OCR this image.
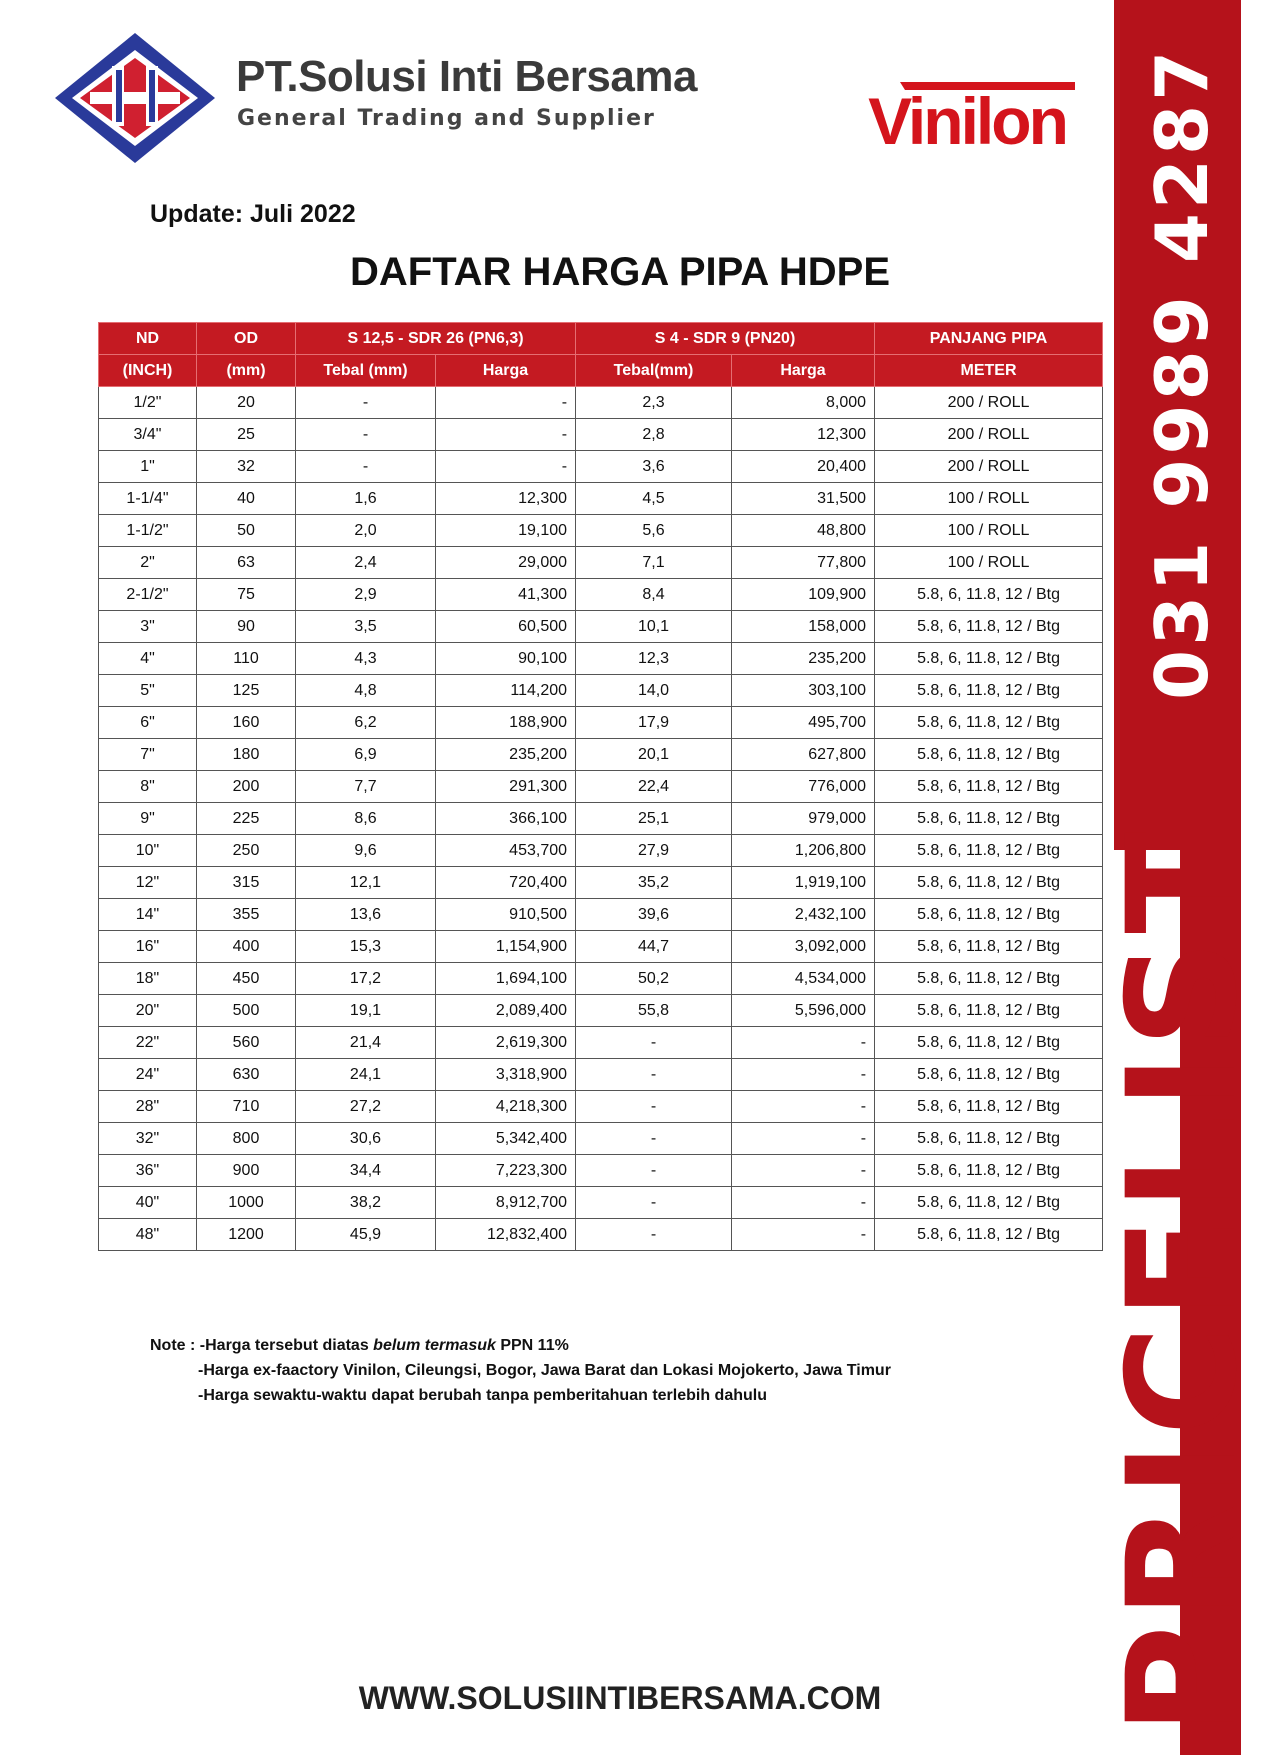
PT.Solusi Inti Bersama
General Trading and Supplier	Vinilon
Update: Juli 2022
DAFTAR HARGA PIPA HDPE	031 9989 4287
PRICELIST
ND	OD	S 12,5 - SDR 26 (PN6,3)		S 4 - SDR 9 (PN20)		PANJANG PIPA
(INCH)	(mm)	Tebal (mm)	Harga	Tebal(mm)	Harga	METER
1/2"	20	-	-	2,3	8,000	200 / ROLL
3/4"	25	-	-	2,8	12,300	200 / ROLL
1"	32	-	-	3,6	20,400	200 / ROLL
1-1/4"	40	1,6	12,300	4,5	31,500	100 / ROLL
1-1/2"	50	2,0	19,100	5,6	48,800	100 / ROLL
2"	63	2,4	29,000	7,1	77,800	100 / ROLL
2-1/2"	75	2,9	41,300	8,4	109,900	5.8, 6, 11.8, 12 / Btg
3"	90	3,5	60,500	10,1	158,000	5.8, 6, 11.8, 12 / Btg
4"	110	4,3	90,100	12,3	235,200	5.8, 6, 11.8, 12 / Btg
5"	125	4,8	114,200	14,0	303,100	5.8, 6, 11.8, 12 / Btg
6"	160	6,2	188,900	17,9	495,700	5.8, 6, 11.8, 12 / Btg
7"	180	6,9	235,200	20,1	627,800	5.8, 6, 11.8, 12 / Btg
8"	200	7,7	291,300	22,4	776,000	5.8, 6, 11.8, 12 / Btg
9"	225	8,6	366,100	25,1	979,000	5.8, 6, 11.8, 12 / Btg
10"	250	9,6	453,700	27,9	1,206,800	5.8, 6, 11.8, 12 / Btg
12"	315	12,1	720,400	35,2	1,919,100	5.8, 6, 11.8, 12 / Btg
14"	355	13,6	910,500	39,6	2,432,100	5.8, 6, 11.8, 12 / Btg
16"	400	15,3	1,154,900	44,7	3,092,000	5.8, 6, 11.8, 12 / Btg
18"	450	17,2	1,694,100	50,2	4,534,000	5.8, 6, 11.8, 12 / Btg
20"	500	19,1	2,089,400	55,8	5,596,000	5.8, 6, 11.8, 12 / Btg
22"	560	21,4	2,619,300	-	-	5.8, 6, 11.8, 12 / Btg
24"	630	24,1	3,318,900	-	-	5.8, 6, 11.8, 12 / Btg
28"	710	27,2	4,218,300	-	-	5.8, 6, 11.8, 12 / Btg
32"	800	30,6	5,342,400	-	-	5.8, 6, 11.8, 12 / Btg
36"	900	34,4	7,223,300	-	-	5.8, 6, 11.8, 12 / Btg
40"	1000	38,2	8,912,700	-	-	5.8, 6, 11.8, 12 / Btg
48"	1200	45,9	12,832,400	-	-	5.8, 6, 11.8, 12 / Btg
Note : -Harga tersebut diatas belum termasuk PPN 11%
-Harga ex-faactory Vinilon, Cileungsi, Bogor, Jawa Barat dan Lokasi Mojokerto, Jawa Timur
-Harga sewaktu-waktu dapat berubah tanpa pemberitahuan terlebih dahulu
WWW.SOLUSIINTIBERSAMA.COM
